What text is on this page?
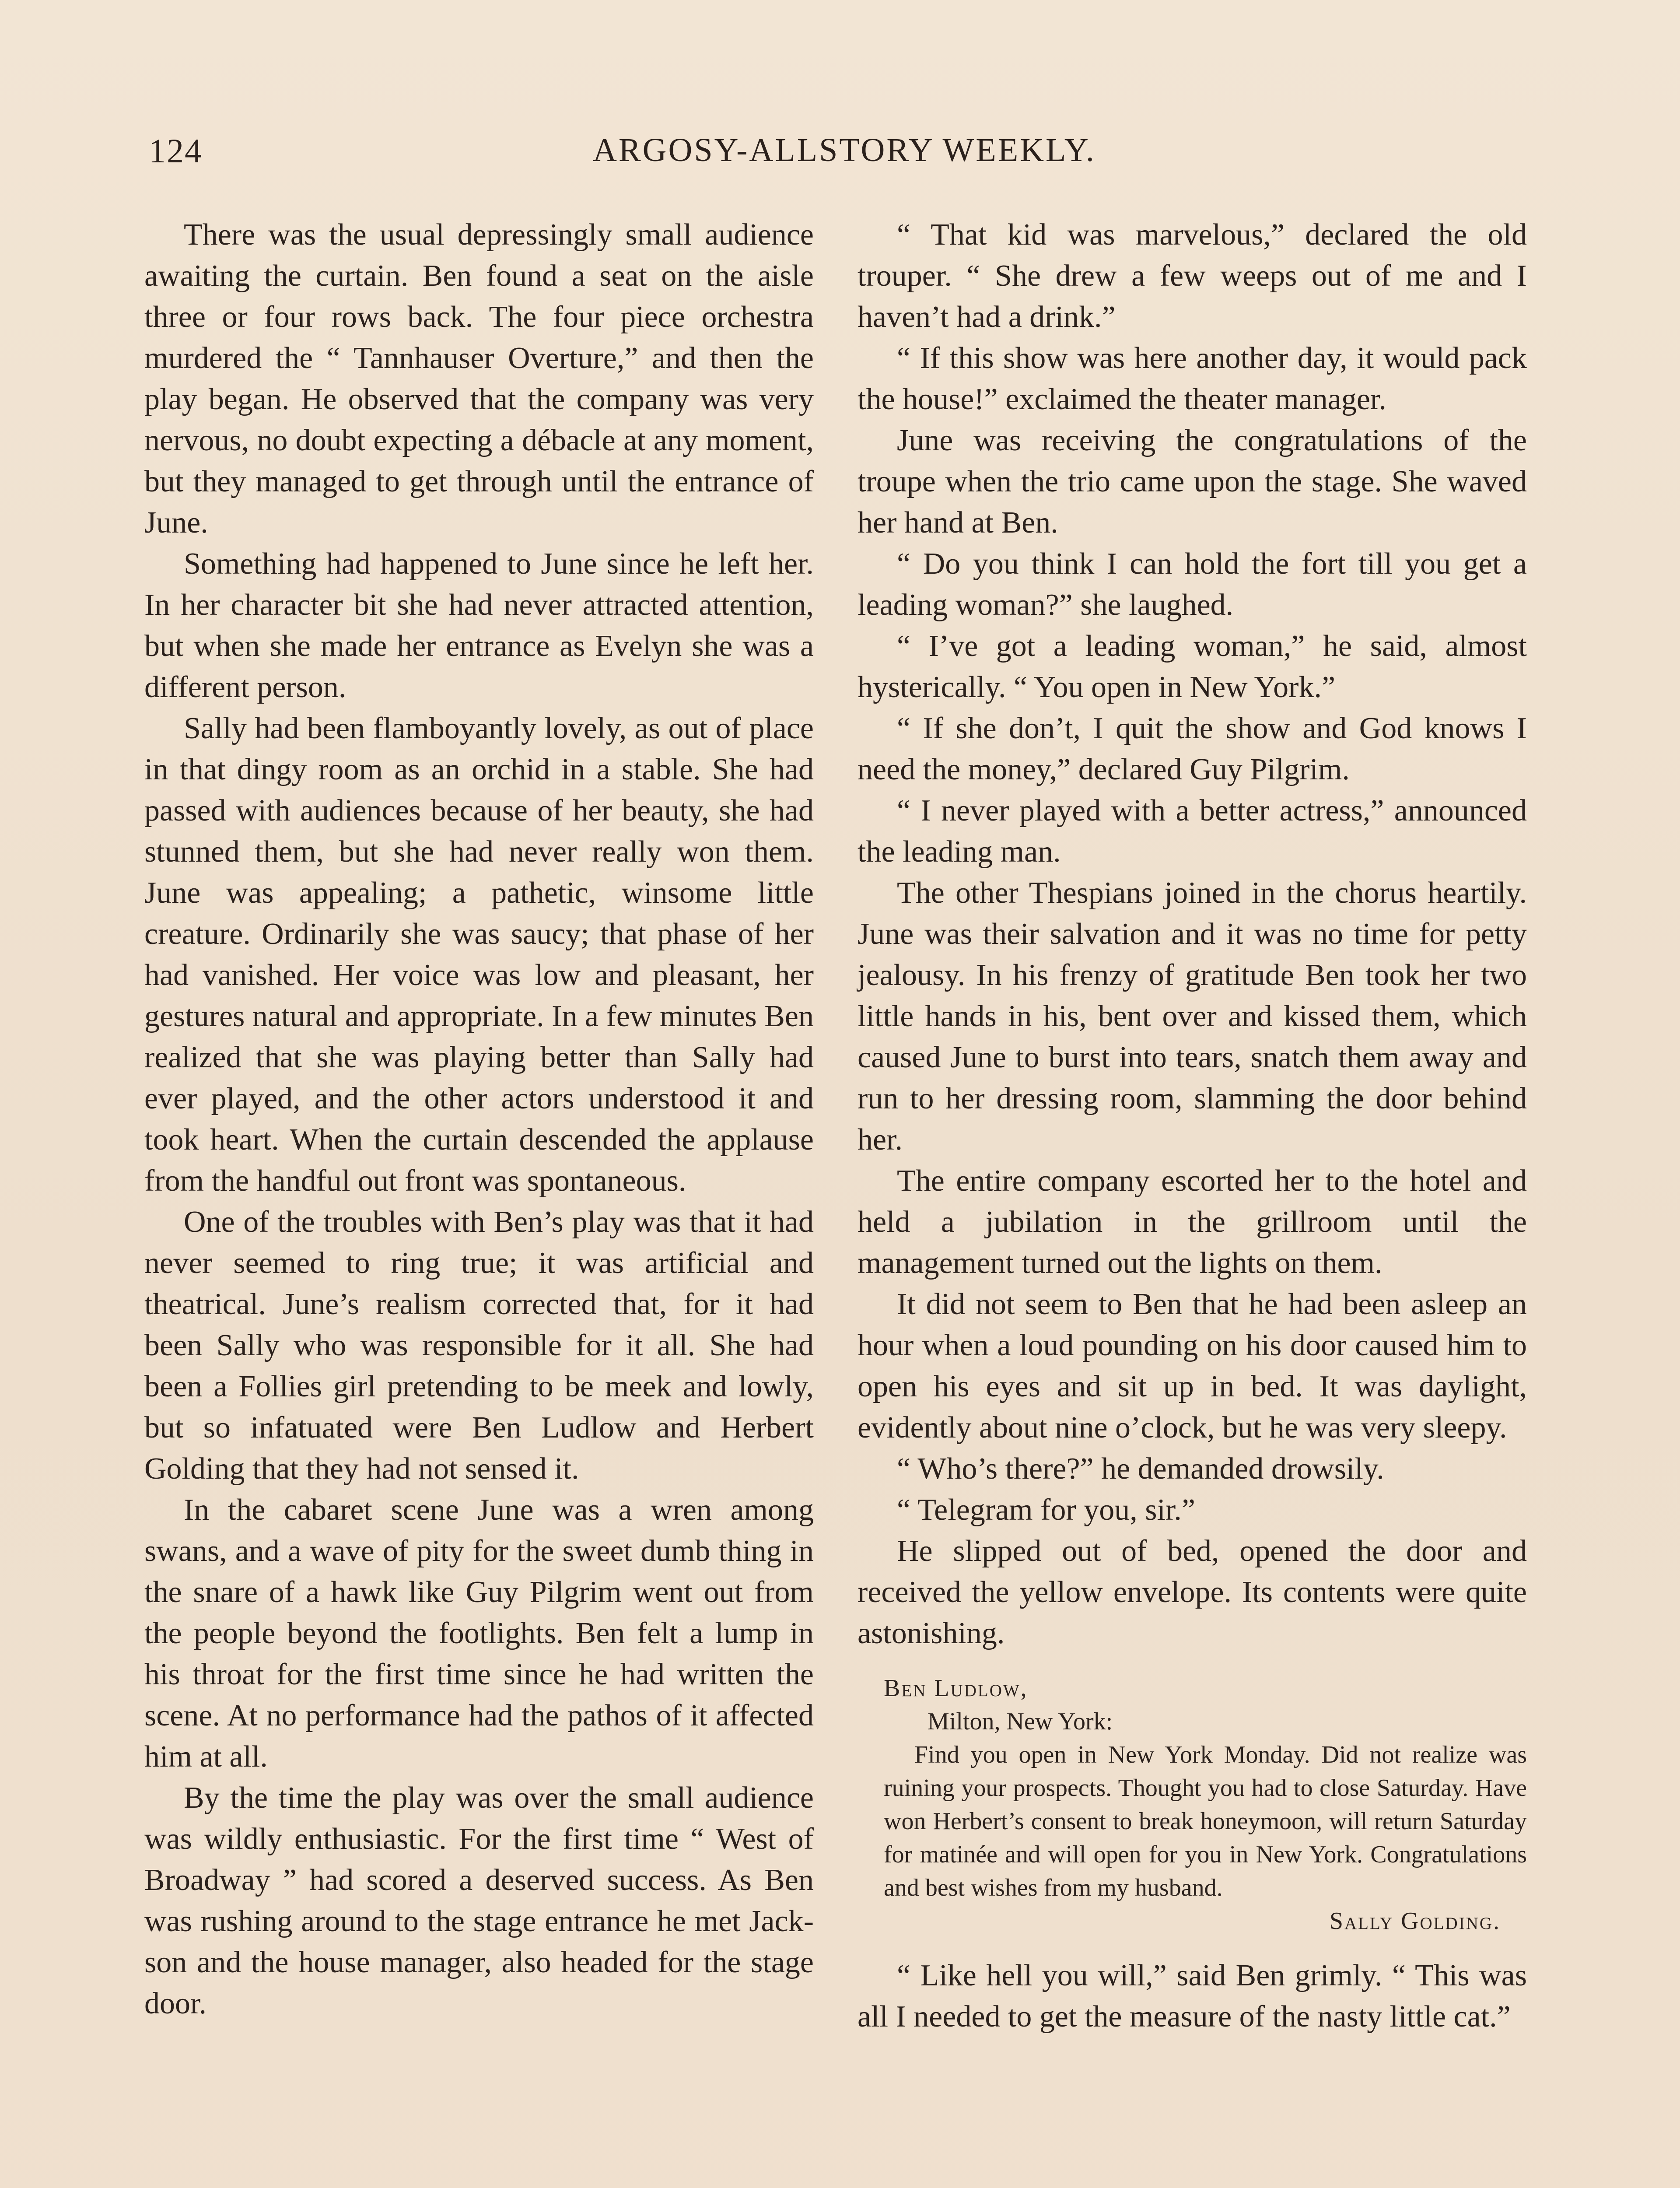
124	ARGOSY-ALLSTORY WEEKLY.

There was the usual depressingly small audience awaiting the curtain. Ben found a seat on the aisle three or four rows back. The four piece orchestra murdered the “ Tannhauser Overture,” and then the play began. He observed that the company was very nervous, no doubt expecting a débacle at any moment, but they managed to get through until the entrance of June.

Something had happened to June since he left her. In her character bit she had never attracted attention, but when she made her entrance as Evelyn she was a different person.

Sally had been flamboyantly lovely, as out of place in that dingy room as an orchid in a stable. She had passed with audiences because of her beauty, she had stunned them, but she had never really won them. June was appealing; a pathetic, winsome little creature. Ordinarily she was saucy; that phase of her had vanished. Her voice was low and pleasant, her gestures natural and appropriate. In a few minutes Ben realized that she was playing better than Sally had ever played, and the other actors understood it and took heart. When the curtain descended the applause from the handful out front was spontaneous.

One of the troubles with Ben’s play was that it had never seemed to ring true; it was artificial and theatrical. June’s realism corrected that, for it had been Sally who was responsible for it all. She had been a Follies girl pretending to be meek and lowly, but so infatuated were Ben Ludlow and Herbert Golding that they had not sensed it.

In the cabaret scene June was a wren among swans, and a wave of pity for the sweet dumb thing in the snare of a hawk like Guy Pilgrim went out from the people beyond the footlights. Ben felt a lump in his throat for the first time since he had written the scene. At no performance had the pathos of it affected him at all.

By the time the play was over the small audience was wildly enthusiastic. For the first time “ West of Broadway ” had scored a deserved success. As Ben was rushing around to the stage entrance he met Jackson and the house manager, also headed for the stage door.

“ That kid was marvelous,” declared the old trouper. “ She drew a few weeps out of me and I haven’t had a drink.”

“ If this show was here another day, it would pack the house!” exclaimed the theater manager.

June was receiving the congratulations of the troupe when the trio came upon the stage. She waved her hand at Ben.

“ Do you think I can hold the fort till you get a leading woman?” she laughed.

“ I’ve got a leading woman,” he said, almost hysterically. “ You open in New York.”

“ If she don’t, I quit the show and God knows I need the money,” declared Guy Pilgrim.

“ I never played with a better actress,” announced the leading man.

The other Thespians joined in the chorus heartily. June was their salvation and it was no time for petty jealousy. In his frenzy of gratitude Ben took her two little hands in his, bent over and kissed them, which caused June to burst into tears, snatch them away and run to her dressing room, slamming the door behind her.

The entire company escorted her to the hotel and held a jubilation in the grillroom until the management turned out the lights on them.

It did not seem to Ben that he had been asleep an hour when a loud pounding on his door caused him to open his eyes and sit up in bed. It was daylight, evidently about nine o’clock, but he was very sleepy.

“ Who’s there?” he demanded drowsily.

“ Telegram for you, sir.”

He slipped out of bed, opened the door and received the yellow envelope. Its contents were quite astonishing.

Ben Ludlow,
Milton, New York:

Find you open in New York Monday. Did not realize was ruining your prospects. Thought you had to close Saturday. Have won Herbert’s consent to break honeymoon, will return Saturday for matinée and will open for you in New York. Congratulations and best wishes from my husband.

Sally Golding.

“ Like hell you will,” said Ben grimly. “ This was all I needed to get the measure of the nasty little cat.”
